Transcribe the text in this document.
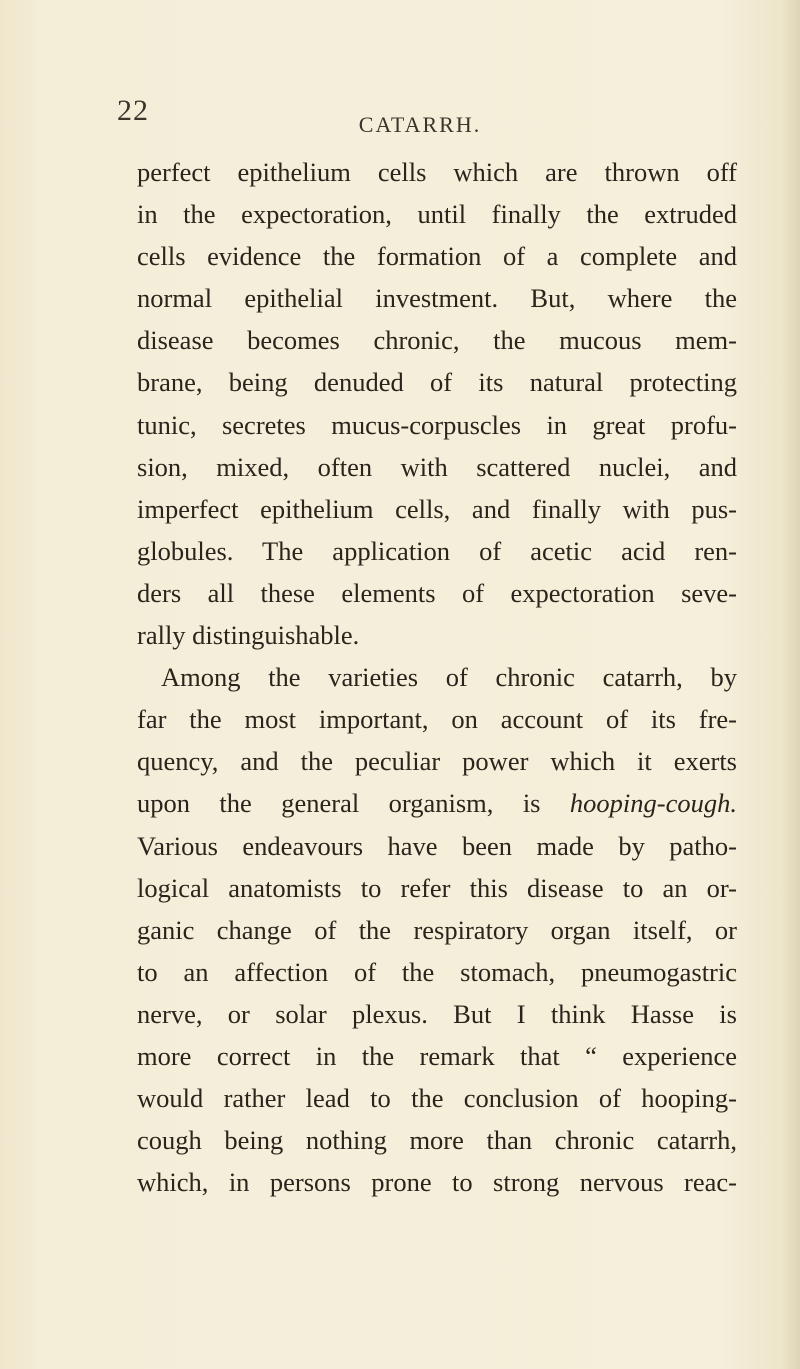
22	CATARRH.
perfect epithelium cells which are thrown off
in the expectoration, until finally the extruded
cells evidence the formation of a complete and
normal epithelial investment. But, where the
disease becomes chronic, the mucous mem-
brane, being denuded of its natural protecting
tunic, secretes mucus-corpuscles in great profu-
sion, mixed, often with scattered nuclei, and
imperfect epithelium cells, and finally with pus-
globules. The application of acetic acid ren-
ders all these elements of expectoration seve-
rally distinguishable.
Among the varieties of chronic catarrh, by
far the most important, on account of its fre-
quency, and the peculiar power which it exerts
upon the general organism, is hooping-cough.
Various endeavours have been made by patho-
logical anatomists to refer this disease to an or-
ganic change of the respiratory organ itself, or
to an affection of the stomach, pneumogastric
nerve, or solar plexus. But I think Hasse is
more correct in the remark that “ experience
would rather lead to the conclusion of hooping-
cough being nothing more than chronic catarrh,
which, in persons prone to strong nervous reac-
